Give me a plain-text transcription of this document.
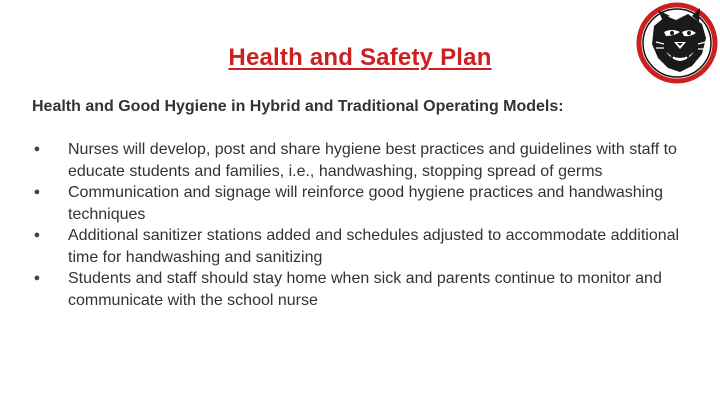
Health and Safety Plan
Health and Good Hygiene in Hybrid and Traditional Operating Models:
● Nurses will develop, post and share hygiene best practices and guidelines with staff to educate students and families, i.e., handwashing, stopping spread of germs
● Communication and signage will reinforce good hygiene practices and handwashing techniques
● Additional sanitizer stations added and schedules adjusted to accommodate additional time for handwashing and sanitizing
● Students and staff should stay home when sick and parents continue to monitor and communicate with the school nurse
